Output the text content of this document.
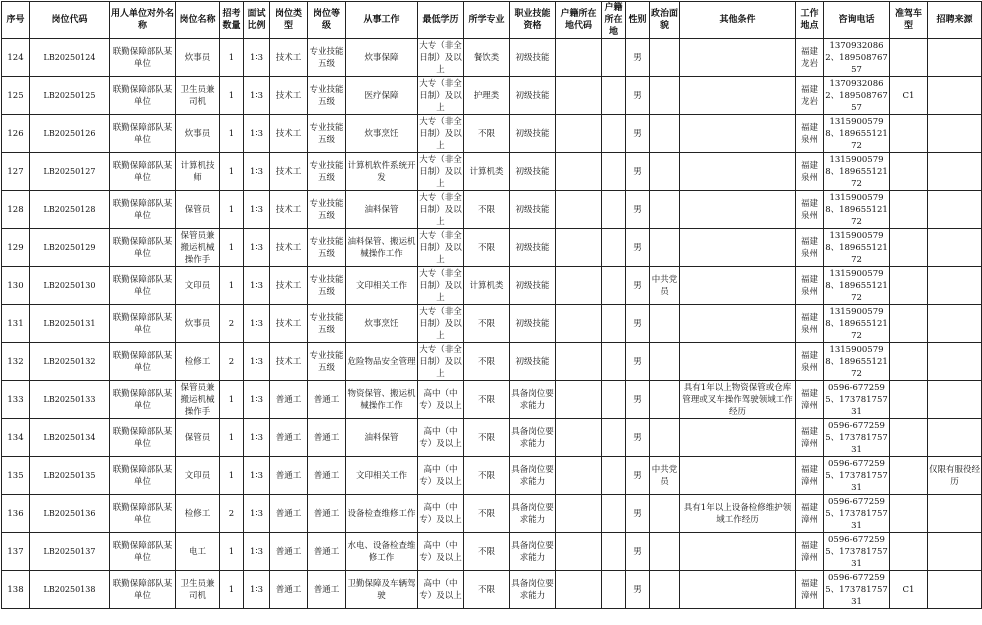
序号	岗位代码	用人单位对外名称	岗位名称	招考数量	面试比例	岗位类型	岗位等级	从事工作	最低学历	所学专业	职业技能资格	户籍所在地代码	户籍所在地	性别	政治面貌	其他条件	工作地点	咨询电话	准驾车型	招聘来源
124	LB20250124	联勤保障部队某单位	炊事员	1	1∶3	技术工	专业技能五级	炊事保障	大专（非全日制）及以上	餐饮类	初级技能			男			福建龙岩	13709320862、18950876757		
125	LB20250125	联勤保障部队某单位	卫生员兼司机	1	1∶3	技术工	专业技能五级	医疗保障	大专（非全日制）及以上	护理类	初级技能			男			福建龙岩	13709320862、18950876757	C1	
126	LB20250126	联勤保障部队某单位	炊事员	1	1∶3	技术工	专业技能五级	炊事烹饪	大专（非全日制）及以上	不限	初级技能			男			福建泉州	13159005798、18965512172		
127	LB20250127	联勤保障部队某单位	计算机技师	1	1∶3	技术工	专业技能五级	计算机软件系统开发	大专（非全日制）及以上	计算机类	初级技能			男			福建泉州	13159005798、18965512172		
128	LB20250128	联勤保障部队某单位	保管员	1	1∶3	技术工	专业技能五级	油料保管	大专（非全日制）及以上	不限	初级技能			男			福建泉州	13159005798、18965512172		
129	LB20250129	联勤保障部队某单位	保管员兼搬运机械操作手	1	1∶3	技术工	专业技能五级	油料保管、搬运机械操作工作	大专（非全日制）及以上	不限	初级技能			男			福建泉州	13159005798、18965512172		
130	LB20250130	联勤保障部队某单位	文印员	1	1∶3	技术工	专业技能五级	文印相关工作	大专（非全日制）及以上	计算机类	初级技能			男	中共党员		福建泉州	13159005798、18965512172		
131	LB20250131	联勤保障部队某单位	炊事员	2	1∶3	技术工	专业技能五级	炊事烹饪	大专（非全日制）及以上	不限	初级技能			男			福建泉州	13159005798、18965512172		
132	LB20250132	联勤保障部队某单位	检修工	2	1∶3	技术工	专业技能五级	危险物品安全管理	大专（非全日制）及以上	不限	初级技能			男			福建泉州	13159005798、18965512172		
133	LB20250133	联勤保障部队某单位	保管员兼搬运机械操作手	1	1∶3	普通工	普通工	物资保管、搬运机械操作工作	高中（中专）及以上	不限	具备岗位要求能力			男		具有1年以上物资保管或仓库管理或叉车操作驾驶领域工作经历	福建漳州	0596-6772595、17378175731		
134	LB20250134	联勤保障部队某单位	保管员	1	1∶3	普通工	普通工	油料保管	高中（中专）及以上	不限	具备岗位要求能力			男			福建漳州	0596-6772595、17378175731		
135	LB20250135	联勤保障部队某单位	文印员	1	1∶3	普通工	普通工	文印相关工作	高中（中专）及以上	不限	具备岗位要求能力			男	中共党员		福建漳州	0596-6772595、17378175731		仅限有服役经历
136	LB20250136	联勤保障部队某单位	检修工	2	1∶3	普通工	普通工	设备检查维修工作	高中（中专）及以上	不限	具备岗位要求能力			男		具有1年以上设备检修维护领域工作经历	福建漳州	0596-6772595、17378175731		
137	LB20250137	联勤保障部队某单位	电工	1	1∶3	普通工	普通工	水电、设备检查维修工作	高中（中专）及以上	不限	具备岗位要求能力			男			福建漳州	0596-6772595、17378175731		
138	LB20250138	联勤保障部队某单位	卫生员兼司机	1	1∶3	普通工	普通工	卫勤保障及车辆驾驶	高中（中专）及以上	不限	具备岗位要求能力			男			福建漳州	0596-6772595、17378175731	C1	
